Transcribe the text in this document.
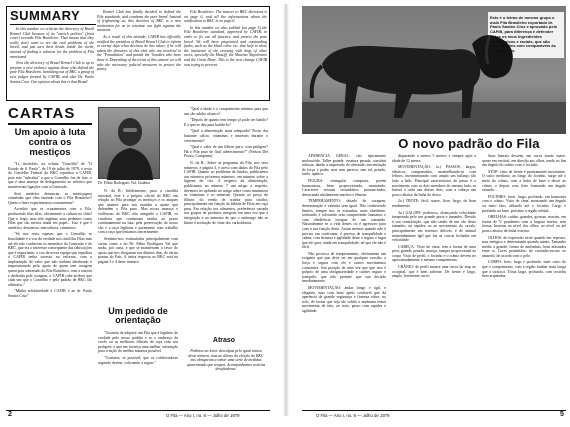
SUMMARY

In this number we criticize the directory of Brazil Kennel Club because of its "ostrich politics" (front cover) towards Fila Brasileiro. That means that they really don't want to see the real problems of the breed, and just turn their heads inside the earth, instead of finding a solution for the problem of Fila mentioned.

Now the directory of Brazil Kennel Club is up to prepare a new violence against those who defend the pure Fila Brasileiro, banishing out of BKC a group of new judges formed by CAFIB, and also Dr. Paulo Santos Cruz. Our opinion about this is that Brazil

Kennel Club has finally decided to defend the Fila standards, and condemn the pure breed. Instead of frightening us, this decision of BKC is a new motivation for us to continue our fight against the mestizos.

As a result of this attitude, CAFIB has officially notified the president of Brazil Kennel Club to inform in twenty days what decision he has taken, if he will admit the directors of this club who are involved in the "Foundation" and punish the "hoodies who have done it. Depending of the terms of this answer we will take the necessary judicial measures to protect the purity

Fila Brasileiro. The answer to BKC decisions is on page 6, and all the informations about the notification to BKC is on page 6.

In this number we also publish (on page 5) the Fila Brasileiro standard, approved by CAFIB, in order to fix our all fanciers, and protect the pure breed. We will have pinpointed and outstanding faults, such as the black color etc. that help to show the insistence of the crossing with dogs of other races, specially the Mastiff, the Mastino Napoletano and the Great Dane. This is the new change CAFIB was trying to prevent.

CARTAS
Um apoio à luta contra os mestiços

"Li, incrédulo, na coluna "Cinofilia" de "O Estado de S. Paulo", de 19 de julho de 1979, o texto do Conselho Federal do BKC repudiou a CAFIB, pois este "substitui" o que o Conselho faz de fato, o que é uma ameaça de desligamento ao seletivo que mantiveram ligações com a Comissão.

Será antiético denunciar as mestiçagens cometidas que vêm fazendo com o Fila Brasileiro? Quem o fazer experimentou cruzamentos?

Acredito que os cruzamentos com o Fila, produzindo filas filas, obviamente a cultura no chão! Que o leigo, mas não ingênuo seus pedantes como Filas que são menos ainda em papel... Isso é que é antiético, desonesto, mercadoria, criminoso.

"Só nos resta esperar que o Conselho se brasilidade e a voz da verdade nos cinófilos Filas mas até ele não conhecem os meandros da Comissão e do BKC, que era o interesse conseqüente das fabricações que é importante, a voz da nossa equipe que repudiou o CAFIB tenha sucesso na reforma, com a implantação do valor que não tenham idealizado e impressionado pelo apoio de quem tem coragem quem pois sobretudo do Fila Brasileiro, com a sincera e dedicada pela coragem, o CAFIB cabe atribuir que cada um que o Conselho e pelo padrão de BKC tão arbitrário."

"Minha solidariedade à CAFIB e ao dr. Paulo Santos Cruz"

Dr. Fábio Rodrigues Val, Goiânia

N. da R.: Infelizmente, para a cinofilia nacional, este é o próprio oficial do BKC em relação ao Fila protegar os mestiços e os ataques que usamos para nos mandar a ajuste que defendem o Fila puro. Mas nossa ameaça e violências do BKC não atingirão a CAFIB, os criadores que continuam unidos ao prazo continuamente na luta, pela preservação do nosso cão e a raça legítima e puramente com trabalho com a raça que tentamos sinceramente.

Sentimo-nos estimulados principalmente com cartas como a do Dr. Fábio Rodrigues Val que serão, por carta, e que se manifestem a favor do apoio que nos chegaram nos últimos dias, de várias pontas do País. A única resposta ao BKC está na página 3 e 4 deste número.

Um pedido de orientação

"Gostaria de adquirir um Fila que é legítimo de verdade pelo nosso padrão e se o endereço de vocês ou os melhores filhotes de raça com seu pedigree, e que me forneça uma melhor orientação para criação do melhor maneira possível.

"Contatos, se possível, que os colaboradores segundo devem, colocando a seguir."

"Qual a idade e o comprimento mínimo para que um cão adulto alcance?

"Depois de quanto tem tempo já pode ser batido? E a que se deu para batido-lo?

"Qual a alimentação mais adequada? Posso dar bastante cálcio, vitaminas e minerais durante o crescimento?

"Qual o valor de um filhote puro, com pedigree? Há o Fila puro de fácil aderecimento?" (Nelson Del Pozzo, Campinas)

N. da R.: Sobre as perguntas do Fila, nos seus números, a página 3, e aceso com dados do Fila pelo CAFIB. Quanto ao problema de fundos, publicamos aos números próximos números, em número sobre a higiene do cão. A respeito da alimentação, publicamos no número 7 um artigo a respeito, devemos ter aplicado no artigo sobre como minimizar as vitaminas e os minerais. Quanto ao preço do filhote, do vendo de criador para criador, principalmente em função da bebida de Filas em raça pura. Em relação aos alimentos, preferência variada aos grupos de produtos integrais em uma vez que a integração e ao aumento de que o estômago não se limite à aceitação de vinte dos carboidratos.

Atraso

Pedimos ao leitor desculpas pelo igual atraso deste número, mas ao último da eleição do BKC nos obrigaram a tomar uma série de medidas aparentando que tempos. Acompanhamos notícias desafiadoras.

2	O Fila — Ano I, no. 8 — Julho de 1979
Este é o tetrao de mesmo grupo o mais Fila Brasileiro exportado dr. Paulo Santos Cruz e aprovado pelo CAFIB, para diferença e defender todos os seus ingredientes morfológicos e raciais, que são perturbações com comparáveis às mestiçagens.
O novo padrão do Fila

APARÊNCIA GERAL: cão tipicamente molossóide. Tallee grande, ossatura pesada, constitui robusta, dando a impressão de ahestada concentração de força e poder, mas sem parecer, tem tal, pesado, tardo, apático.

FIGURA: retangular compacta, porém harmoniosa, bem proporcionada, mostrando. Caracteres sexuais secundários pronunciados, destacando nitidamente machos e fêmeas.

TEMPERAMENTO: dotado de coragem, determinação e valentia sem igual. Não conhecendo limites, sempre nos os estranhos, mais obediente, aceitando e tolerando sem compreender humanos e com obediência incapaz de um comando. Naturalmente se a vida destes ou é agressivo para com a sua função deste. Assim mesmo quando não é preciso em confrontar, é preciso de tranquilidade e calma, com firmeza e agilidade deste o seguro e lugar que ele quer, ainda em tranquilidade, tal que ele não é fácil.

Não provoca de temperamento, obviamente um exigente que que deve ser em qualquer ocasião, a força e segura com ele e outros movimentos constantes. Sua posição de uma vez que que isso é próprio de uma obrigatoriedade e caráter seguro e tranquilo, que não permite que sua decisão imediatamente.

MOVIMENTAÇÃO: andar longo e ágil, e elegante, mas com bom apelo confiável que dá aparência de grande segurança e firmeza sobre, no solo, de forma que seja tão sólido a nenhuma tentar movimento de fato, ao trote, passo com rapidez e agilidade.

disparando a menos 5 metros e sempre após a idade de 12 meses.

MOVIMENTAÇÃO: la.) PASSOS, largos, elásticos, compassados, assemelhando-se com felinos, movimentando com amplo um balanço tão lado a lado. Principal característica do passo é o movimento com os dois membros do mesmo lado, se lateral a cada um desses dois, com a cabeça um pouco abaixo da linha do dorso.

2a.) TROTE: fácil, suave, livre, largo, de bom rendimento.

3a.) GALOPE: poderoso, alcançando velocidade inesperada pelo seu grande porte e tamanho. Devido à sua constituição, que não sendo de um cão deste tamanho, na rapidez ou ao movimento do cavalo, principalmente em terrenos difíceis, é de animal tremendamente ágil que faz as curvas fechadas em velocidade.

CABEÇA: Visto de cima, tem a forma de uma pera, grande, pesada, maciça, sempre proporcional ao corpo. Visto de perfil, o focinho e o crânio devem ter aproximadamente o mesmo comprimento.

CRÂNIO: de perfil mostra uma curva do stop ao occipital, que é bem saliente. De frente é largo, amplo, levemente curvo.

Suas laterais descem, em curva muito suave, quase em vertical, em direção aos olhos, tendo ao fim um ângulo do crânio com o focinho.

STOP: visto de frente é praticamente inexistente. O sulco mediano, ao longo do focinho, surge até o meio do crânio, com a linha de base e desce ao crânio, e depois com feito formando um ângulo estando...

FOCINHO: forte, largo, profundo, em harmonia com o crânio. Visto de cima, mostrando um ângulo ou meio fino, afilando até o focinho. Largo e profundo na base, próximo a região orbital.

ORELHAS: caídas, grandes, grossas, macias, em forma de V, pendentes com a largura inteira, sem forma. Insertas no nível dos olhos, ao nível ou até pouco abaixo da linha externa.

OLHOS: de expressão triste quando em repouso, mas enérgica e determinada quando atento. Tamanho médio a grande, forma de amêndoas, bem afastados entre si. Cores permitidas: do castanho-escuro ao amarelo, de acordo com o pelo.

CORPO: forte, largo e profundo, mais curto do que o comprimento, com a região lombar mais longa que a torácica. Tórax largo, profundo, com costelas bem arqueadas.

O Fila — Ano I, no. 8 — Julho de 1979	5
